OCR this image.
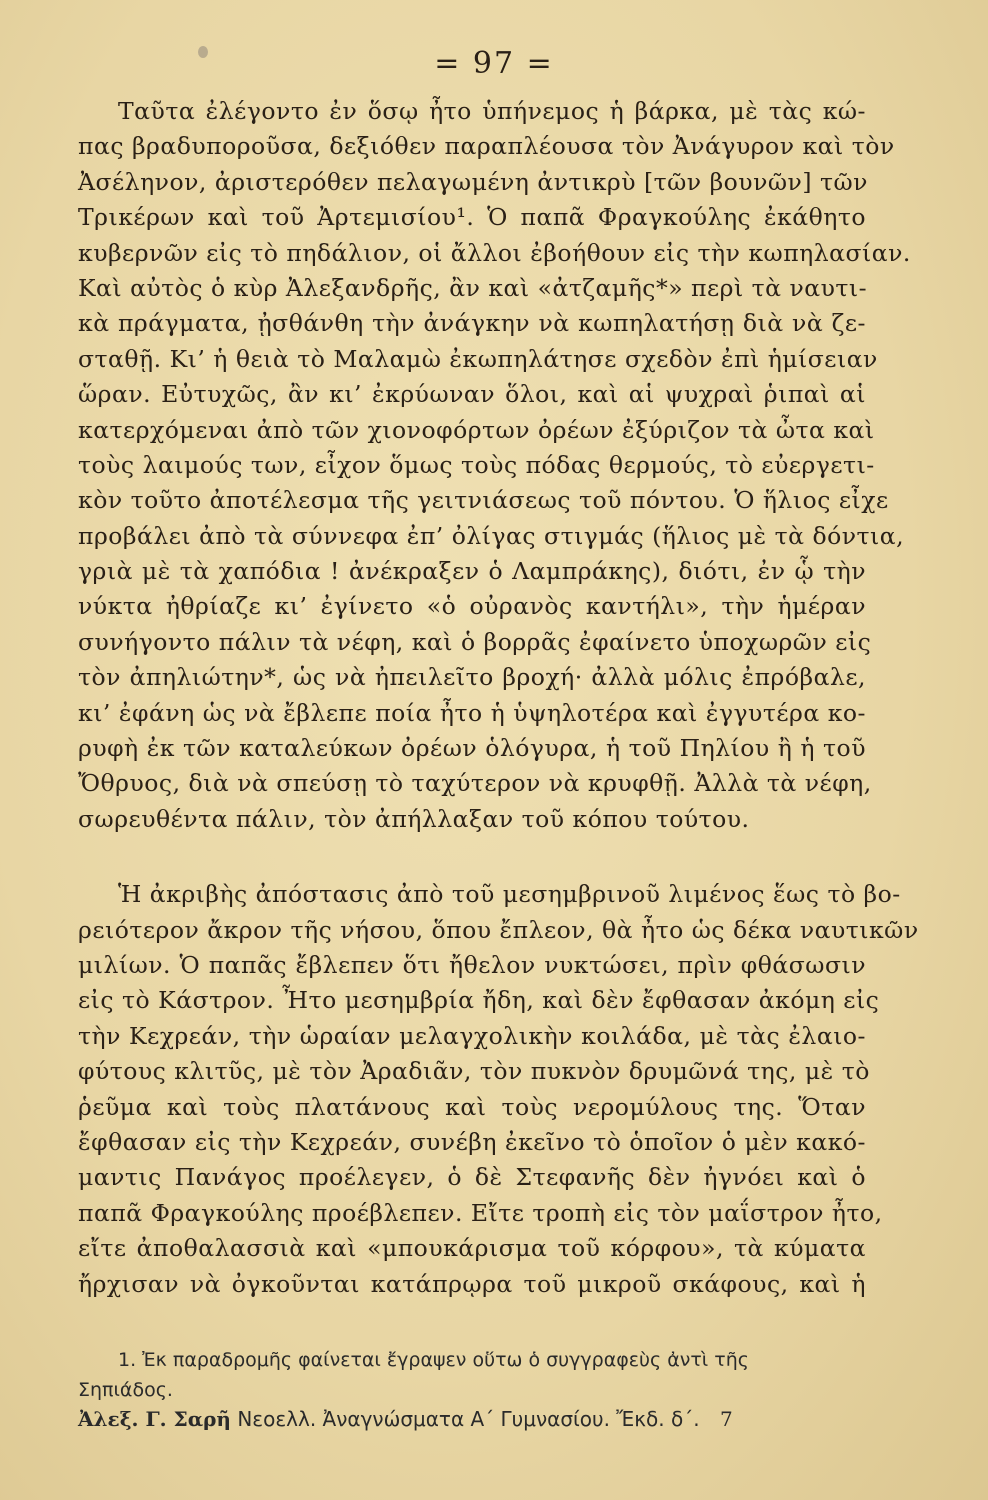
= 97 =
Ταῦτα ἐλέγοντο ἐν ὅσῳ ἦτο ὑπήνεμος ἡ βάρκα, μὲ τὰς κώ-
πας βραδυποροῦσα, δεξιόθεν παραπλέουσα τὸν Ἀνάγυρον καὶ τὸν
Ἀσέληνον, ἀριστερόθεν πελαγωμένη ἀντικρὺ [τῶν βουνῶν] τῶν
Τρικέρων καὶ τοῦ Ἀρτεμισίου¹. Ὁ παπᾶ Φραγκούλης ἐκάθητο
κυβερνῶν εἰς τὸ πηδάλιον, οἱ ἄλλοι ἐβοήθουν εἰς τὴν κωπηλασίαν.
Καὶ αὐτὸς ὁ κὺρ Ἀλεξανδρῆς, ἂν καὶ «ἀτζαμῆς*» περὶ τὰ ναυτι-
κὰ πράγματα, ᾐσθάνθη τὴν ἀνάγκην νὰ κωπηλατήσῃ διὰ νὰ ζε-
σταθῇ. Κι’ ἡ θειὰ τὸ Μαλαμὼ ἐκωπηλάτησε σχεδὸν ἐπὶ ἡμίσειαν
ὥραν. Εὐτυχῶς, ἂν κι’ ἐκρύωναν ὅλοι, καὶ αἱ ψυχραὶ ῥιπαὶ αἱ
κατερχόμεναι ἀπὸ τῶν χιονοφόρτων ὀρέων ἐξύριζον τὰ ὦτα καὶ
τοὺς λαιμούς των, εἶχον ὅμως τοὺς πόδας θερμούς, τὸ εὐεργετι-
κὸν τοῦτο ἀποτέλεσμα τῆς γειτνιάσεως τοῦ πόντου. Ὁ ἥλιος εἶχε
προβάλει ἀπὸ τὰ σύννεφα ἐπ’ ὀλίγας στιγμάς (ἥλιος μὲ τὰ δόντια,
γριὰ μὲ τὰ χαπόδια ! ἀνέκραξεν ὁ Λαμπράκης), διότι, ἐν ᾧ τὴν
νύκτα ἠθρίαζε κι’ ἐγίνετο «ὁ οὐρανὸς καντήλι», τὴν ἡμέραν
συνήγοντο πάλιν τὰ νέφη, καὶ ὁ βορρᾶς ἐφαίνετο ὑποχωρῶν εἰς
τὸν ἀπηλιώτην*, ὡς νὰ ἠπειλεῖτο βροχή· ἀλλὰ μόλις ἐπρόβαλε,
κι’ ἐφάνη ὡς νὰ ἔβλεπε ποία ἦτο ἡ ὑψηλοτέρα καὶ ἐγγυτέρα κο-
ρυφὴ ἐκ τῶν καταλεύκων ὀρέων ὁλόγυρα, ἡ τοῦ Πηλίου ἢ ἡ τοῦ
Ὄθρυος, διὰ νὰ σπεύσῃ τὸ ταχύτερον νὰ κρυφθῇ. Ἀλλὰ τὰ νέφη,
σωρευθέντα πάλιν, τὸν ἀπήλλαξαν τοῦ κόπου τούτου.
Ἡ ἀκριβὴς ἀπόστασις ἀπὸ τοῦ μεσημβρινοῦ λιμένος ἕως τὸ βο-
ρειότερον ἄκρον τῆς νήσου, ὅπου ἔπλεον, θὰ ἦτο ὡς δέκα ναυτικῶν
μιλίων. Ὁ παπᾶς ἔβλεπεν ὅτι ἤθελον νυκτώσει, πρὶν φθάσωσιν
εἰς τὸ Κάστρον. Ἦτο μεσημβρία ἤδη, καὶ δὲν ἔφθασαν ἀκόμη εἰς
τὴν Κεχρεάν, τὴν ὡραίαν μελαγχολικὴν κοιλάδα, μὲ τὰς ἐλαιο-
φύτους κλιτῦς, μὲ τὸν Ἀραδιᾶν, τὸν πυκνὸν δρυμῶνά της, μὲ τὸ
ῥεῦμα καὶ τοὺς πλατάνους καὶ τοὺς νερομύλους της. Ὅταν
ἔφθασαν εἰς τὴν Κεχρεάν, συνέβη ἐκεῖνο τὸ ὁποῖον ὁ μὲν κακό-
μαντις Πανάγος προέλεγεν, ὁ δὲ Στεφανῆς δὲν ἠγνόει καὶ ὁ
παπᾶ Φραγκούλης προέβλεπεν. Εἴτε τροπὴ εἰς τὸν μαΐστρον ἦτο,
εἴτε ἀποθαλασσιὰ καὶ «μπουκάρισμα τοῦ κόρφου», τὰ κύματα
ἤρχισαν νὰ ὀγκοῦνται κατάπρῳρα τοῦ μικροῦ σκάφους, καὶ ἡ
1. Ἐκ παραδρομῆς φαίνεται ἔγραψεν οὕτω ὁ συγγραφεὺς ἀντὶ τῆς
Σηπιάδος.
Ἀλεξ. Γ. Σαρῆ Νεοελλ. Ἀναγνώσματα Α΄ Γυμνασίου. Ἔκδ. δ΄. 7
